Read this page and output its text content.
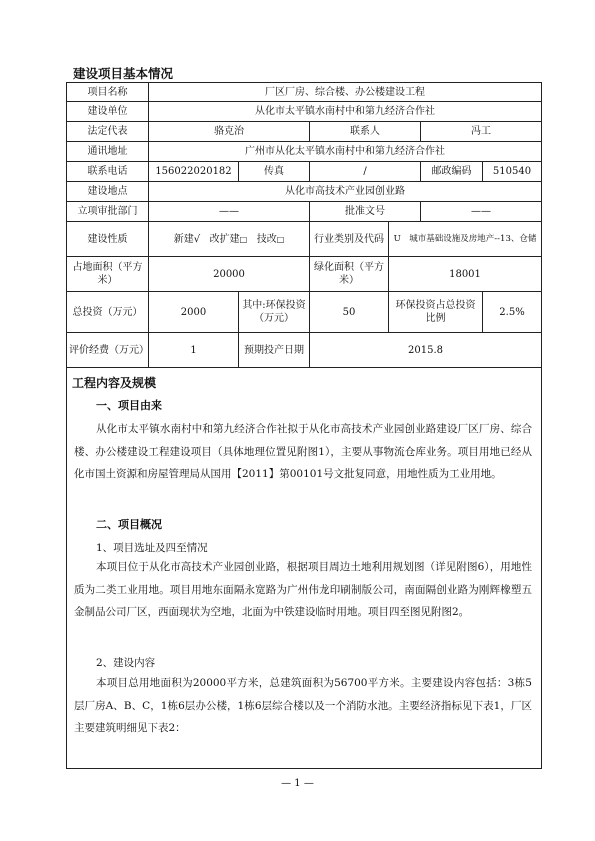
建设项目基本情况
项目名称	厂区厂房、综合楼、办公楼建设工程					
建设单位	从化市太平镇水南村中和第九经济合作社					
法定代表	骆克治		联系人		冯工	
通讯地址	广州市从化太平镇水南村中和第九经济合作社					
联系电话	15602202018​2	传真	/		邮政编码	510540
建设地点	从化市高技术产业园创业路					
立项审批部门	——		批准文号		——	
建设性质	新建√ 改扩建□ 技改□		行业类别及代码	U　城市基础设施及房地产--13、仓储		
占地面积（平方米）	20000		绿化面积（平方米）	18001		
总投资（万元）	2000	其中:环保投资（万元）	50	环保投资占总投资比例		2.5%
评价经费（万元）	1	预期投产日期	2015.8			
工程内容及规模
一、项目由来
从化市太平镇水南村中和第九经济合作社拟于从化市高技术产业园创业路建设厂区厂房、综合楼、办公楼建设工程建设项目（具体地理位置见附图1），主要从事物流仓库业务。项目用地已经从化市国土资源和房屋管理局从国用【2011】第00101号文批复同意，用地性质为工业用地。
二、项目概况
1、项目选址及四至情况
本项目位于从化市高技术产业园创业路，根据项目周边土地利用规划图（详见附图6），用地性质为二类工业用地。项目用地东面隔永宽路为广州伟龙印刷制版公司，南面隔创业路为刚辉橡塑五金制品公司厂区，西面现状为空地，北面为中铁建设临时用地。项目四至图见附图2。
2、建设内容
本项目总用地面积为20000平方米，总建筑面积为56700平方米。主要建设内容包括：3栋5层厂房A、B、C，1栋6层办公楼，1栋6层综合楼以及一个消防水池。主要经济指标见下表1，厂区主要建筑明细见下表2：
— 1 —
